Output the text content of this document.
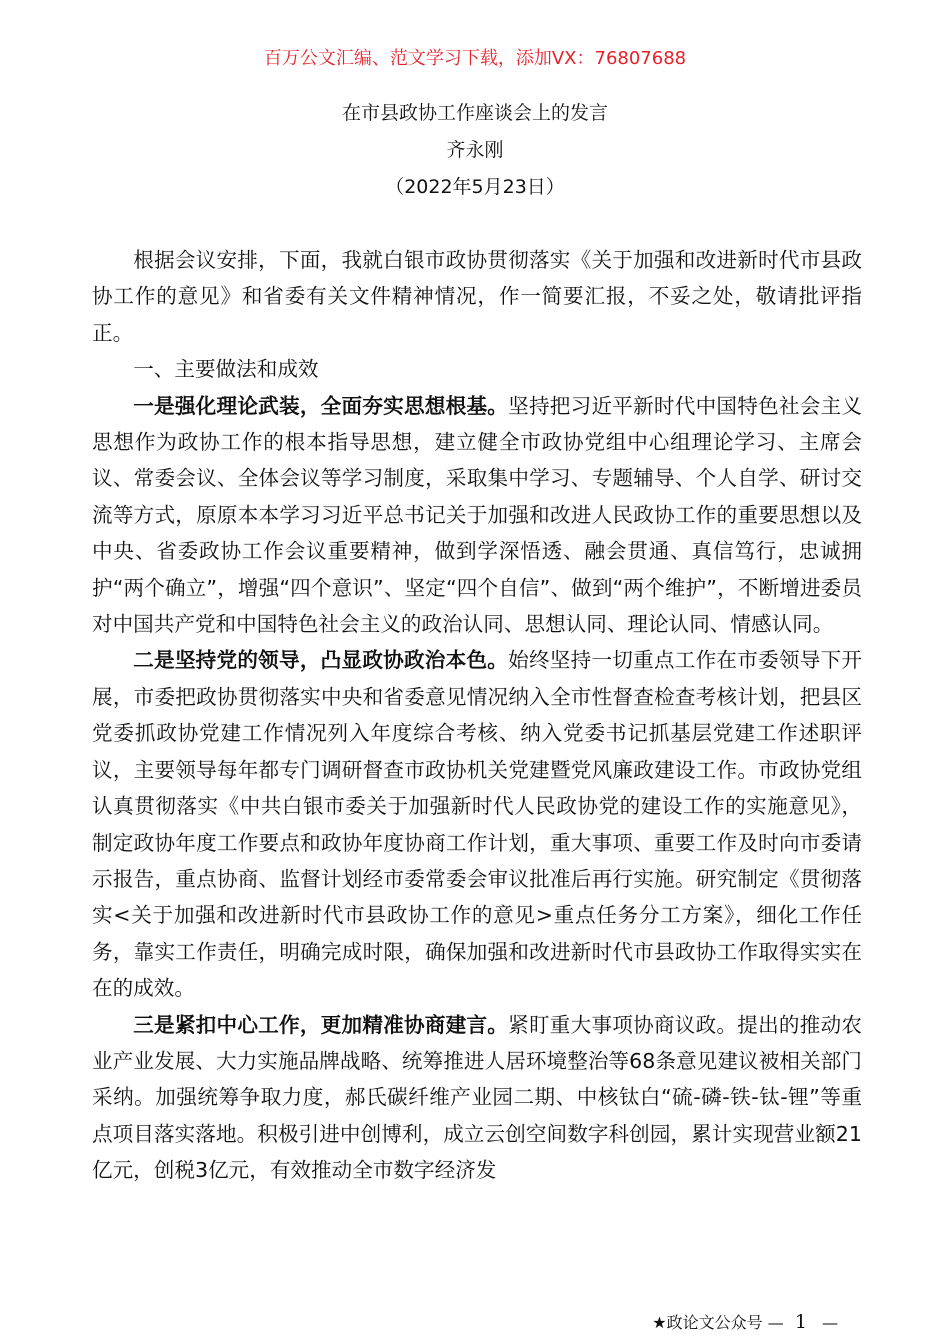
百万公文汇编、范文学习下载，添加VX：76807688
在市县政协工作座谈会上的发言
齐永刚
（2022年5月23日）

根据会议安排，下面，我就白银市政协贯彻落实《关于加强和改进新时代市县政协工作的意见》和省委有关文件精神情况，作一简要汇报，不妥之处，敬请批评指正。

一、主要做法和成效

一是强化理论武装，全面夯实思想根基。坚持把习近平新时代中国特色社会主义思想作为政协工作的根本指导思想，建立健全市政协党组中心组理论学习、主席会议、常委会议、全体会议等学习制度，采取集中学习、专题辅导、个人自学、研讨交流等方式，原原本本学习习近平总书记关于加强和改进人民政协工作的重要思想以及中央、省委政协工作会议重要精神，做到学深悟透、融会贯通、真信笃行，忠诚拥护“两个确立”，增强“四个意识”、坚定“四个自信”、做到“两个维护”，不断增进委员对中国共产党和中国特色社会主义的政治认同、思想认同、理论认同、情感认同。

二是坚持党的领导，凸显政协政治本色。始终坚持一切重点工作在市委领导下开展，市委把政协贯彻落实中央和省委意见情况纳入全市性督查检查考核计划，把县区党委抓政协党建工作情况列入年度综合考核、纳入党委书记抓基层党建工作述职评议，主要领导每年都专门调研督查市政协机关党建暨党风廉政建设工作。市政协党组认真贯彻落实《中共白银市委关于加强新时代人民政协党的建设工作的实施意见》，制定政协年度工作要点和政协年度协商工作计划，重大事项、重要工作及时向市委请示报告，重点协商、监督计划经市委常委会审议批准后再行实施。研究制定《贯彻落实<关于加强和改进新时代市县政协工作的意见>重点任务分工方案》，细化工作任务，靠实工作责任，明确完成时限，确保加强和改进新时代市县政协工作取得实实在在的成效。

三是紧扣中心工作，更加精准协商建言。紧盯重大事项协商议政。提出的推动农业产业发展、大力实施品牌战略、统筹推进人居环境整治等68条意见建议被相关部门采纳。加强统筹争取力度，郝氏碳纤维产业园二期、中核钛白“硫-磷-铁-钛-锂”等重点项目落实落地。积极引进中创博利，成立云创空间数字科创园，累计实现营业额21亿元，创税3亿元，有效推动全市数字经济发

★政论文公众号 — 1 —
